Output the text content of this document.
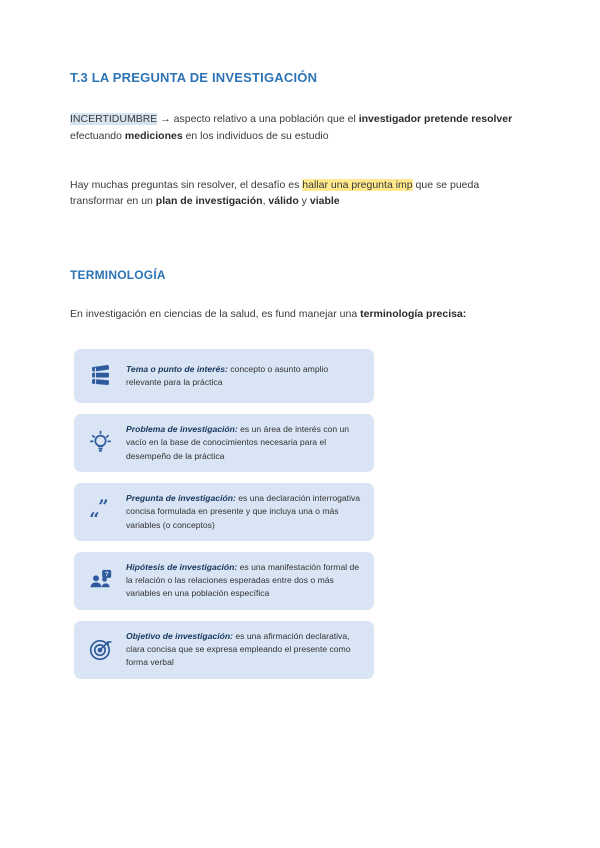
T.3 LA PREGUNTA DE INVESTIGACIÓN

INCERTIDUMBRE → aspecto relativo a una población que el investigador pretende resolver efectuando mediciones en los individuos de su estudio

Hay muchas preguntas sin resolver, el desafío es hallar una pregunta imp que se pueda transformar en un plan de investigación, válido y viable

TERMINOLOGÍA

En investigación en ciencias de la salud, es fund manejar una terminología precisa:

Tema o punto de interés: concepto o asunto amplio relevante para la práctica
Problema de investigación: es un área de interés con un vacío en la base de conocimientos necesaria para el desempeño de la práctica
”
“
Pregunta de investigación: es una declaración interrogativa concisa formulada en presente y que incluya una o más variables (o conceptos)
?
Hipótesis de investigación: es una manifestación formal de la relación o las relaciones esperadas entre dos o más variables en una población específica
Objetivo de investigación: es una afirmación declarativa, clara concisa que se expresa empleando el presente como forma verbal
